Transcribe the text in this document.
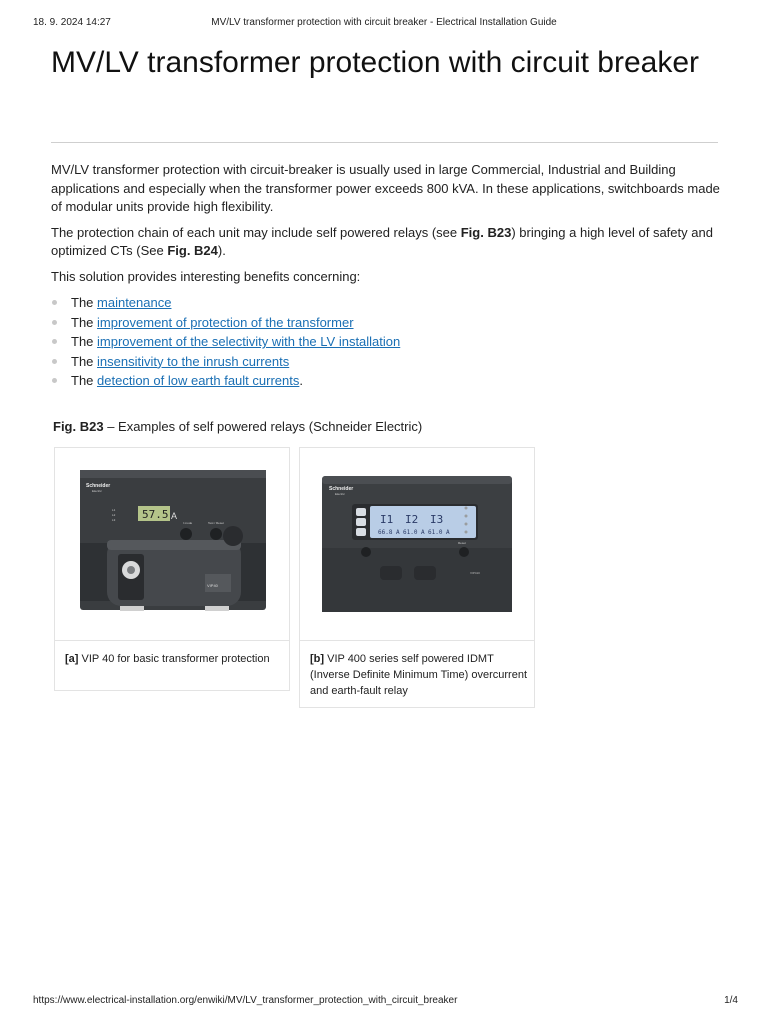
18. 9. 2024 14:27	MV/LV transformer protection with circuit breaker - Electrical Installation Guide
MV/LV transformer protection with circuit breaker

MV/LV transformer protection with circuit-breaker is usually used in large Commercial, Industrial and Building applications and especially when the transformer power exceeds 800 kVA. In these applications, switchboards made of modular units provide high flexibility.

The protection chain of each unit may include self powered relays (see Fig. B23) bringing a high level of safety and optimized CTs (See Fig. B24).

This solution provides interesting benefits concerning:

The maintenance
The improvement of protection of the transformer
The improvement of the selectivity with the LV installation
The insensitivity to the inrush currents
The detection of low earth fault currents.
Fig. B23 – Examples of self powered relays (Schneider Electric)
57.5 A
Schneider
Electric
L1
L2
L3
I mode	Test / Reset
VIP40
[a] VIP 40 for basic transformer protection
I1 I2 I3
66.8 A 61.0 A 61.0 A
Schneider
Electric
Reset
VIP410
[b] VIP 400 series self powered IDMT (Inverse Definite Minimum Time) overcurrent and earth-fault relay
https://www.electrical-installation.org/enwiki/MV/LV_transformer_protection_with_circuit_breaker	1/4
